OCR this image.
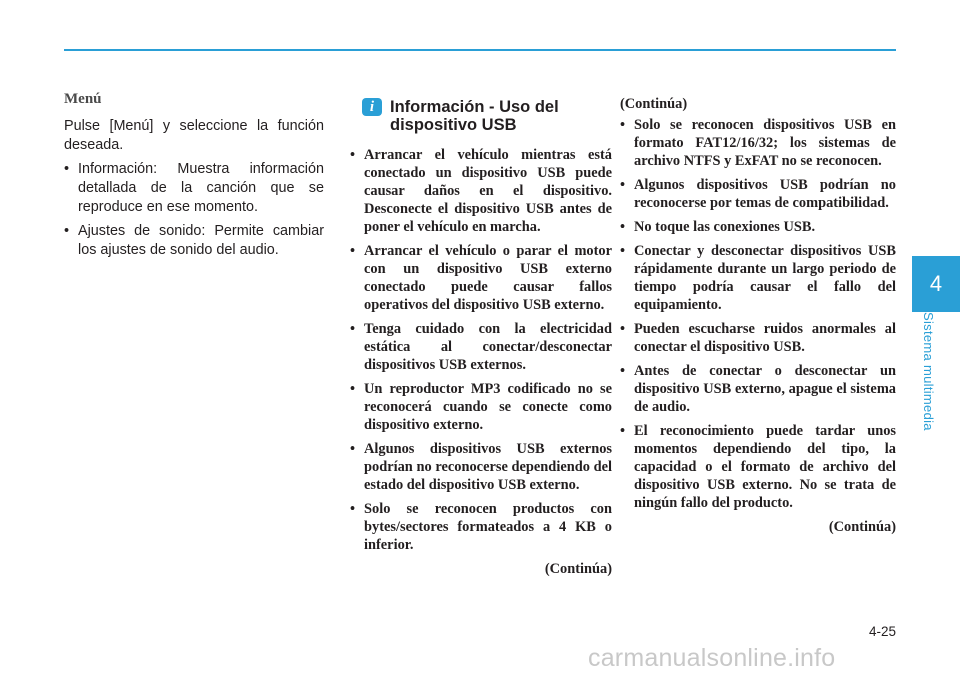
4
Sistema multimedia
Menú

Pulse [Menú] y seleccione la función deseada.

• Información: Muestra información detallada de la canción que se reproduce en ese momento.
• Ajustes de sonido: Permite cambiar los ajustes de sonido del audio.
i Información - Uso del dispositivo USB
• Arrancar el vehículo mientras está conectado un dispositivo USB puede causar daños en el dispositivo. Desconecte el dispositivo USB antes de poner el vehículo en marcha.
• Arrancar el vehículo o parar el motor con un dispositivo USB externo conectado puede causar fallos operativos del dispositivo USB externo.
• Tenga cuidado con la electricidad estática al conectar/desconectar dispositivos USB externos.
• Un reproductor MP3 codificado no se reconocerá cuando se conecte como dispositivo externo.
• Algunos dispositivos USB externos podrían no reconocerse dependiendo del estado del dispositivo USB externo.
• Solo se reconocen productos con bytes/sectores formateados a 4 KB o inferior.
(Continúa)
(Continúa)
• Solo se reconocen dispositivos USB en formato FAT12/16/32; los sistemas de archivo NTFS y ExFAT no se reconocen.
• Algunos dispositivos USB podrían no reconocerse por temas de compatibilidad.
• No toque las conexiones USB.
• Conectar y desconectar dispositivos USB rápidamente durante un largo periodo de tiempo podría causar el fallo del equipamiento.
• Pueden escucharse ruidos anormales al conectar el dispositivo USB.
• Antes de conectar o desconectar un dispositivo USB externo, apague el sistema de audio.
• El reconocimiento puede tardar unos momentos dependiendo del tipo, la capacidad o el formato de archivo del dispositivo USB externo. No se trata de ningún fallo del producto.
(Continúa)
4-25
carmanualsonline.info
